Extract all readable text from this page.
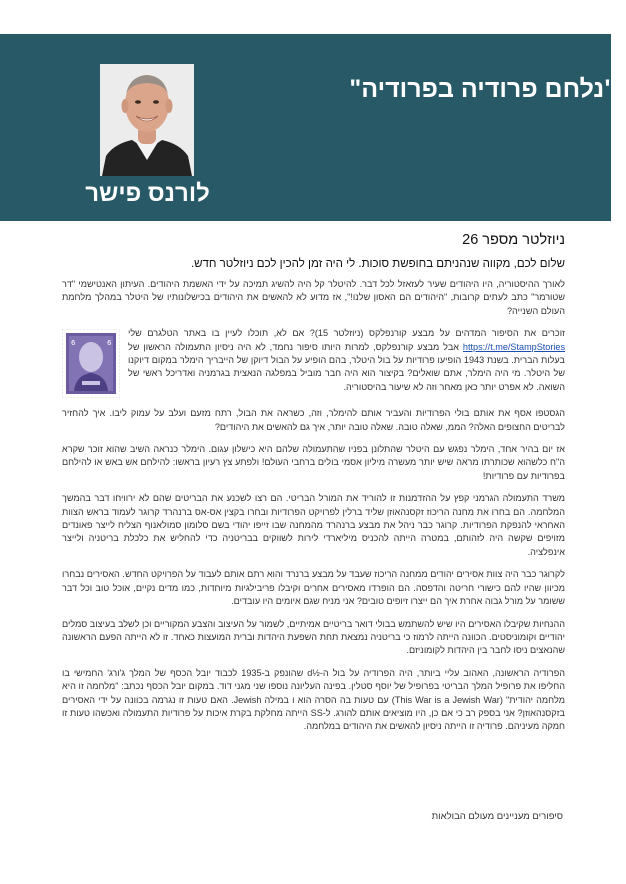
"נלחם פרודיה בפרודיה"
לורנס פישר
ניוזלטר מספר 26
שלום לכם, מקווה שנהניתם בחופשת סוכות. לי היה זמן להכין לכם ניוזלטר חדש.

לאורך ההיסטוריה, היו היהודים שעיר לעזאזל לכל דבר. להיטלר קל היה להשיג תמיכה על ידי האשמת היהודים. העיתון האנטישמי "דר שטורמר" כתב לעתים קרובות, "היהודים הם האסון שלנו!", אז מדוע לא להאשים את היהודים בכישלונותיו של היטלר במהלך מלחמת העולם השנייה?

6	6
זוכרים את הסיפור המדהים על מבצע קורנפלקס (ניוזלטר 15)? אם לא, תוכלו לעיין בו באתר הטלגרם שלי https://t.me/StampStories אבל מבצע קורנפלקס, למרות היותו סיפור נחמד, לא היה ניסיון התעמולה הראשון של בעלות הברית. בשנת 1943 הופיעו פרודיות על בול היטלר, בהם הופיע על הבול דיוקן של הייבריך הימלר במקום דיוקנו של היטלר. מי היה הימלר, אתם שואלים? בקיצור הוא היה חבר מוביל במפלגה הנאצית בגרמניה ואדריכל ראשי של השואה. לא אפרט יותר כאן מאחר וזה לא שיעור בהיסטוריה.

הגסטפו אסף את אותם בולי הפרודיות והעביר אותם להימלר, וזה, כשראה את הבול, רתח מזעם ועלב על עמוק ליבו. איך להחזיר לבריטים החצופים האלה? הממ, שאלה טובה. שאלה טובה יותר, איך גם להאשים את היהודים?

אז יום בהיר אחד, הימלר נפגש עם היטלר שהתלונן בפניו שהתעמולה שלהם היא כישלון עגום. הימלר כנראה השיב שהוא זוכר שקרא ה"ח כלשהוא שכותרתו מראה שיש יותר מעשרה מיליון אסמי בולים ברחבי העולם! ולפתע צץ רעיון בראשו: להילחם אש באש או להילחם בפרודיות עם פרודיות!

משרד התעמולה הגרמני קפץ על ההזדמנות זו להוריד את המורל הבריטי. הם רצו לשכנע את הבריטים שהם לא ירוויחו דבר בהמשך המלחמה. הם בחרו את מחנה הריכוז זקסנהאוזן שליד ברלין לפרויקט הפרודיות ובחרו בקצין אס-אס ברנהרד קרוגר לעמוד בראש הצוות האחראי להנפקת הפרודיות. קרוגר כבר ניהל את מבצע ברנהרד מהמחנה שבו זייפו יהודי בשם סלומון סמולאנוף הצליח לייצר פאונדים מזויפים שקשה היה לזהותם, במטרה הייתה להכניס מיליארדי לירות לשווקים בבריטניה כדי להחליש את כלכלת בריטניה ולייצר אינפלציה.

לקרוגר כבר היה צוות אסירים יהודים ממחנה הריכוז שעבד על מבצע ברנרד והוא רתם אותם לעבוד על הפרויקט החדש. האסירים נבחרו מכיוון שהיו להם כישורי חריטה והדפסה. הם הופרדו מאסירים אחרים וקיבלו פריבילגיות מיוחדות, כמו מדים נקיים, אוכל טוב וכל דבר ששומר על מורל גבוה אחרת איך הם ייצרו זיופים טובים? אני מניח שגם איומים היו עובדים.

ההנחיות שקיבלו האסירים היו שיש להשתמש בבולי דואר בריטיים אמיתיים, לשמור על העיצוב והצבע המקוריים וכן לשלב בעיצוב סמלים יהודיים וקומוניסטים. הכוונה הייתה לרמוז כי בריטניה נמצאת תחת השפעת היהדות וברית המועצות כאחד. זו לא הייתה הפעם הראשונה שהנאצים ניסו לחבר בין היהדות לקומוניזם.

הפרודיה הראשונה, האהוב עליי ביותר, היה הפרודיה על בול ה-½d שהונפק ב-1935 לכבוד יובל הכסף של המלך ג'ורג' החמישי בו החליפו את פרופיל המלך הבריטי בפרופיל של יוסף סטלין. בפינה העליונה נוספו שני מגני דוד. במקום יובל הכסף נכתב: "מלחמה זו היא מלחמה יהודית" (This War is a Jewish War) עם טעות בה הסרה הוא ו במילה Jewish. האם טעות זו נגרמה בכוונה על ידי האסירים בזקסנהאוזן? אני בספק רב כי אם כן, היו מוציאים אותם להורג. ל-SS הייתה מחלקת בקרת איכות על פרודיות התעמולה ואכשהו טעות זו חמקה מעיניהם. פרודיה זו הייתה ניסיון להאשים את היהודים במלחמה.

סיפורים מעניינים מעולם הבולאות
